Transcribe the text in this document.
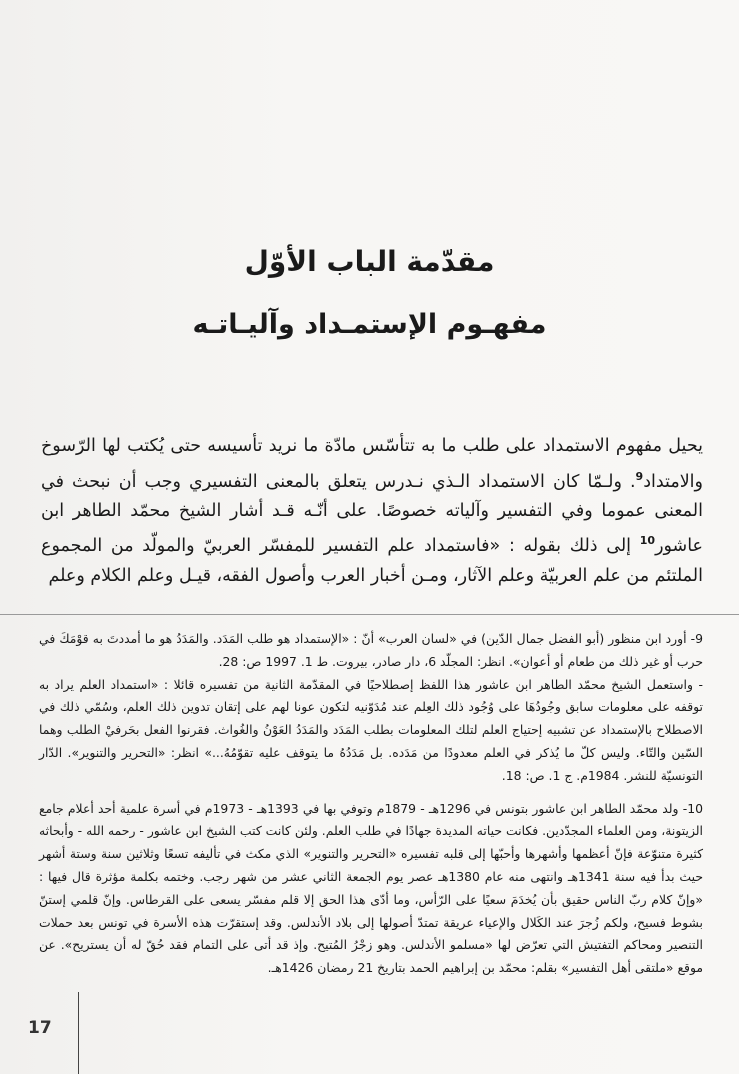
مقدّمة الباب الأوّل
مفهـوم الإستمـداد وآليـاتـه

يحيل مفهوم الاستمداد على طلب ما به تتأسّس مادّة ما نريد تأسيسه حتى يُكتب لها الرّسوخ والامتداد$^9$. ولـمّا كان الاستمداد الـذي نـدرس يتعلق بالمعنى التفسيري وجب أن نبحث في المعنى عموما وفي التفسير وآلياته خصوصًا. على أنّـه قـد أشار الشيخ محمّد الطاهر ابن عاشور$^{10}$ إلى ذلك بقوله : «فاستمداد علم التفسير للمفسّر العربيّ والمولّد من المجموع الملتئم من علم العربيّة وعلم الآثار، ومـن أخبار العرب وأصول الفقه، قيـل وعلم الكلام وعلم

9- أورد ابن منظور (أبو الفضل جمال الدّين) في «لسان العرب» أنّ : «الإستمداد هو طلب المَدَد. والمَدَدُ هو ما أمددتَ به قوْمَكَ في حرب أو غير ذلك من طعام أو أعوان». انظر: المجلّد 6، دار صادر، بيروت. ط 1. 1997 ص: 28.
- واستعمل الشيخ محمّد الطاهر ابن عاشور هذا اللفظ إصطلاحيًا في المقدّمة الثانية من تفسيره قائلا : «استمداد العلم يراد به توقفه على معلومات سابق وجُودُهَا على وُجُود ذلك العِلم عند مُدَوّنيه لتكون عونا لهم على إتقان تدوين ذلك العلم، وسُمّي ذلك في الاصطلاح بالإستمداد عن تشبيه إحتياج العلم لتلك المعلومات بطلب المَدَد والمَدَدُ العَوْنُ والغُواث. فقرنوا الفعل بحَرفيْ الطلب وهما السّين والتّاء. وليس كلّ ما يُذكر في العلم معدودًا من مَدَده. بل مَدَدُهُ ما يتوقف عليه تقوّمُهُ...» انظر: «التحرير والتنوير». الدّار التونسيّة للنشر. 1984م. ج 1. ص: 18.

10- ولد محمّد الطاهر ابن عاشور بتونس في 1296هـ - 1879م وتوفي بها في 1393هـ - 1973م في أسرة علمية أحد أعلام جامع الزيتونة، ومن العلماء المجدّدين. فكانت حياته المديدة جهادًا في طلب العلم. ولئن كانت كتب الشيخ ابن عاشور - رحمه الله - وأبحاثه كثيرة متنوّعة فإنّ أعظمها وأشهرها وأحبّها إلى قلبه تفسيره «التحرير والتنوير» الذي مكث في تأليفه تسعًا وثلاثين سنة وستة أشهر حيث بدأ فيه سنة 1341هـ وانتهى منه عام 1380هـ عصر يوم الجمعة الثاني عشر من شهر رجب. وختمه بكلمة مؤثرة قال فيها : «وإنّ كلام ربّ الناس حقيق بأن يُخدَمَ سعيًا على الرّأس، وما أدّى هذا الحق إلا قلم مفسّر يسعى على القرطاس. وإنّ قلمي إستنّ بشوط فسيح، ولكم زُجرَ عند الكَلال والإعياء عريقة تمتدّ أصولها إلى بلاد الأندلس. وقد إستقرّت هذه الأسرة في تونس بعد حملات التنصير ومحاكم التفتيش التي تعرّض لها «مسلمو الأندلس. وهو زجْرُ المُتيح. وإذ قد أتى على التمام فقد حُقّ له أن يستريح». عن موقع «ملتقى أهل التفسير» بقلم: محمّد بن إبراهيم الحمد بتاريخ 21 رمضان 1426هـ.

17
